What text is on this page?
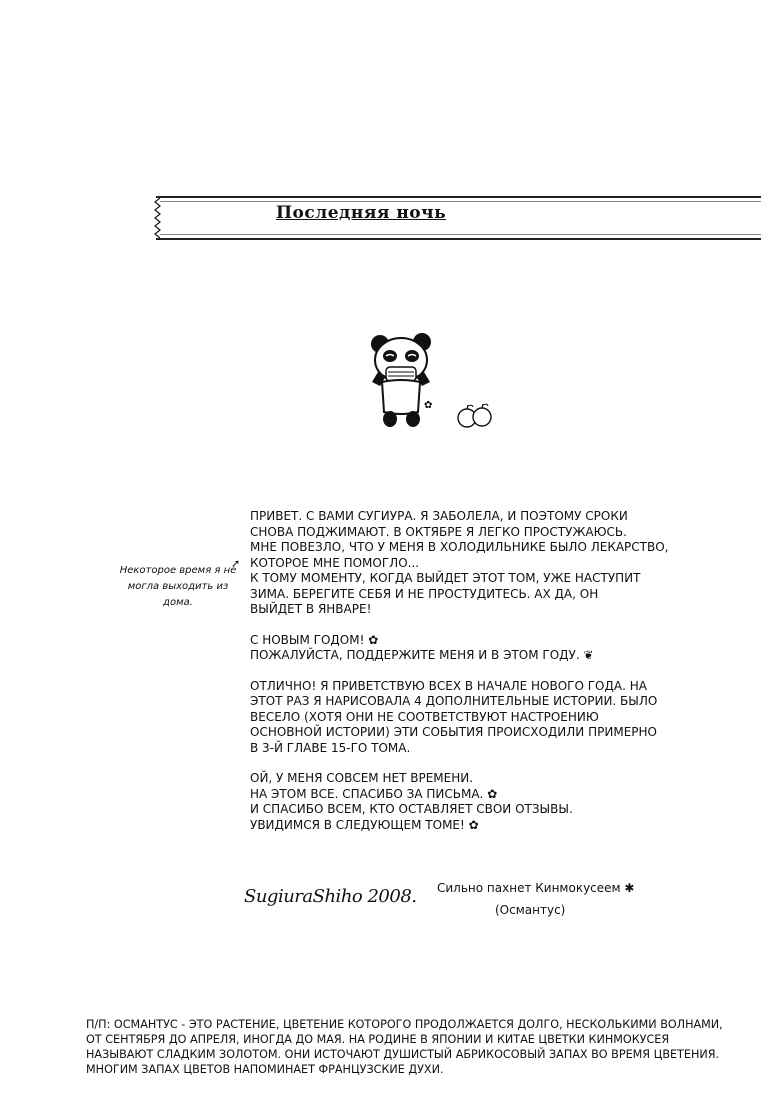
Последняя ночь
✿
Некоторое время я не могла выходить из дома.
➚

ПРИВЕТ. С ВАМИ СУГИУРА. Я ЗАБОЛЕЛА, И ПОЭТОМУ СРОКИ
СНОВА ПОДЖИМАЮТ. В ОКТЯБРЕ Я ЛЕГКО ПРОСТУЖАЮСЬ.
МНЕ ПОВЕЗЛО, ЧТО У МЕНЯ В ХОЛОДИЛЬНИКЕ БЫЛО ЛЕКАРСТВО,
КОТОРОЕ МНЕ ПОМОГЛО...
К ТОМУ МОМЕНТУ, КОГДА ВЫЙДЕТ ЭТОТ ТОМ, УЖЕ НАСТУПИТ
ЗИМА. БЕРЕГИТЕ СЕБЯ И НЕ ПРОСТУДИТЕСЬ. АХ ДА, ОН
ВЫЙДЕТ В ЯНВАРЕ!

С НОВЫМ ГОДОМ! ✿
ПОЖАЛУЙСТА, ПОДДЕРЖИТЕ МЕНЯ И В ЭТОМ ГОДУ. ❦

ОТЛИЧНО! Я ПРИВЕТСТВУЮ ВСЕХ В НАЧАЛЕ НОВОГО ГОДА. НА
ЭТОТ РАЗ Я НАРИСОВАЛА 4 ДОПОЛНИТЕЛЬНЫЕ ИСТОРИИ. БЫЛО
ВЕСЕЛО (ХОТЯ ОНИ НЕ СООТВЕТСТВУЮТ НАСТРОЕНИЮ
ОСНОВНОЙ ИСТОРИИ) ЭТИ СОБЫТИЯ ПРОИСХОДИЛИ ПРИМЕРНО
В 3-Й ГЛАВЕ 15-ГО ТОМА.

ОЙ, У МЕНЯ СОВСЕМ НЕТ ВРЕМЕНИ.
НА ЭТОМ ВСЕ. СПАСИБО ЗА ПИСЬМА. ✿
И СПАСИБО ВСЕМ, КТО ОСТАВЛЯЕТ СВОИ ОТЗЫВЫ.
УВИДИМСЯ В СЛЕДУЮЩЕМ ТОМЕ! ✿

SugiuraShiho 2008. Сильно пахнет Кинмокусеем ✱
(Османтус)
П/П: ОСМАНТУС - ЭТО РАСТЕНИЕ, ЦВЕТЕНИЕ КОТОРОГО ПРОДОЛЖАЕТСЯ ДОЛГО, НЕСКОЛЬКИМИ ВОЛНАМИ,
ОТ СЕНТЯБРЯ ДО АПРЕЛЯ, ИНОГДА ДО МАЯ. НА РОДИНЕ В ЯПОНИИ И КИТАЕ ЦВЕТКИ КИНМОКУСЕЯ
НАЗЫВАЮТ СЛАДКИМ ЗОЛОТОМ. ОНИ ИСТОЧАЮТ ДУШИСТЫЙ АБРИКОСОВЫЙ ЗАПАХ ВО ВРЕМЯ ЦВЕТЕНИЯ.
МНОГИМ ЗАПАХ ЦВЕТОВ НАПОМИНАЕТ ФРАНЦУЗСКИЕ ДУХИ.
